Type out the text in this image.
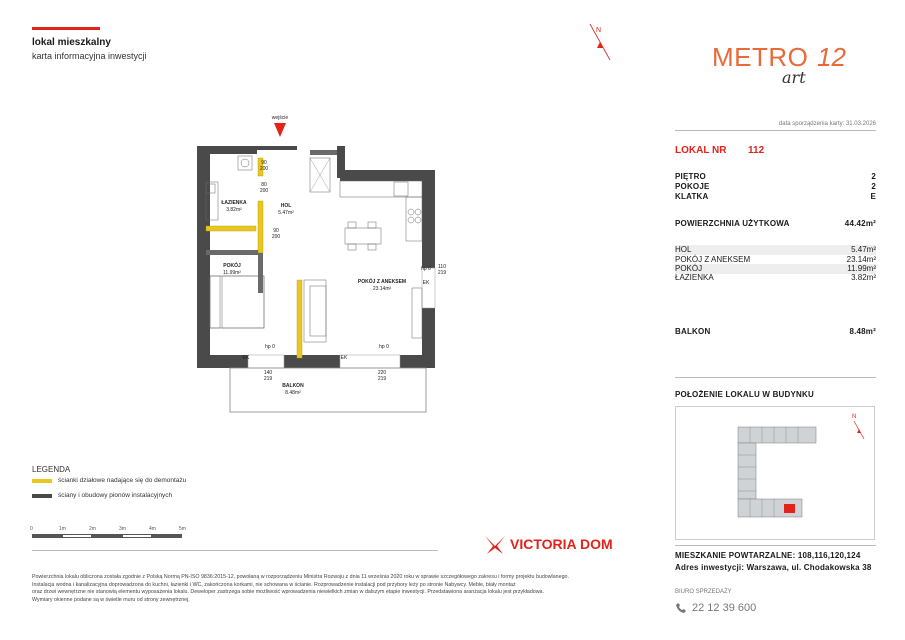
lokal mieszkalny
karta informacyjna inwestycji
N
METRO 12
art
data sporządzenia karty: 31.03.2026
LOKAL NR 112
PIĘTRO	2
POKOJE	2
KLATKA	E
POWIERZCHNIA UŻYTKOWA	44.42m²
HOL	5.47m²
POKÓJ Z ANEKSEM	23.14m²
POKÓJ	11.99m²
ŁAZIENKA	3.82m²
BALKON	8.48m²
POŁOŻENIE LOKALU W BUDYNKU
N
MIESZKANIE POWTARZALNE: 108,116,120,124
Adres inwestycji: Warszawa, ul. Chodakowska 38
BIURO SPRZEDAŻY
22 12 39 600
wejście
ŁAZIENKA
3.82m²
HOL
5.47m²
POKÓJ
11.99m²
POKÓJ Z ANEKSEM
23.14m²
BALKON
8.48m²
90
200
80
200
90
200
110
219
140
219
220
219
hp 0	hp 0
hp 0
EK	EK
EK
LEGENDA
ścianki działowe nadające się do demontażu
ściany i obudowy pionów instalacyjnych
0	1m	2m	3m	4m	5m
VICTORIA DOM
Powierzchnia lokalu obliczona została zgodnie z Polską Normą PN-ISO 9836:2015-12, powołaną w rozporządzeniu Ministra Rozwoju z dnia 11 września 2020 roku w sprawie szczegółowego zakresu i formy projektu budowlanego.
Instalacja wodna i kanalizacyjna doprowadzona do kuchni, łazienki i WC, zakończona korkami, nie schowana w ścianie. Rozprowadzenie instalacji pod przybory leży po stronie Nabywcy. Meble, biały montaż
oraz drzwi wewnętrzne nie stanowią elementu wyposażenia lokalu. Deweloper zastrzega sobie możliwość wprowadzenia niewielkich zmian w dalszym etapie inwestycji. Przedstawiona aranżacja lokalu jest przykładowa.
Wymiary okienne podane są w świetle muru od strony zewnętrznej.
